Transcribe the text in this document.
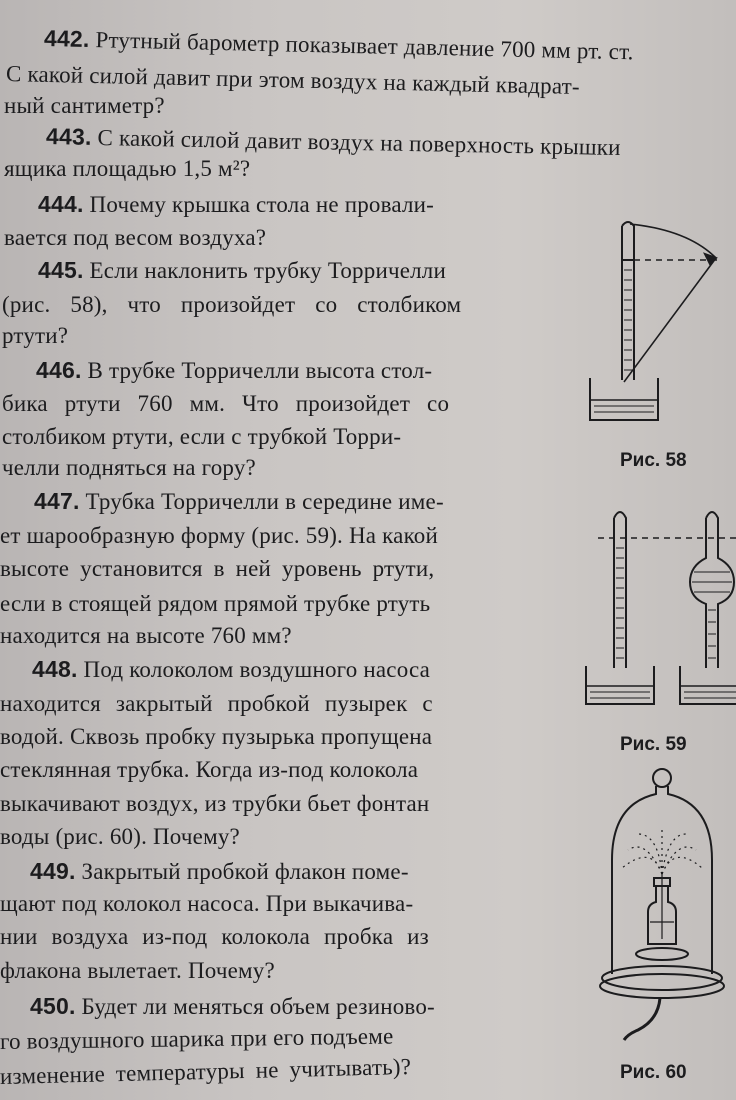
442. Ртутный барометр показывает давление 700 мм рт. ст.
С какой силой давит при этом воздух на каждый квадрат-
ный сантиметр?
443. С какой силой давит воздух на поверхность крышки
ящика площадью 1,5 м²?
444. Почему крышка стола не провали-
вается под весом воздуха?
445. Если наклонить трубку Торричелли
(рис. 58), что произойдет со столбиком
ртути?
446. В трубке Торричелли высота стол-
бика ртути 760 мм. Что произойдет со
столбиком ртути, если с трубкой Торри-
челли подняться на гору?
447. Трубка Торричелли в середине име-
ет шарообразную форму (рис. 59). На какой
высоте установится в ней уровень ртути,
если в стоящей рядом прямой трубке ртуть
находится на высоте 760 мм?
448. Под колоколом воздушного насоса
находится закрытый пробкой пузырек с
водой. Сквозь пробку пузырька пропущена
стеклянная трубка. Когда из-под колокола
выкачивают воздух, из трубки бьет фонтан
воды (рис. 60). Почему?
449. Закрытый пробкой флакон поме-
щают под колокол насоса. При выкачива-
нии воздуха из-под колокола пробка из
флакона вылетает. Почему?
450. Будет ли меняться объем резиново-
го воздушного шарика при его подъеме
изменение температуры не учитывать)?
Рис. 58
Рис. 59
Рис. 60
